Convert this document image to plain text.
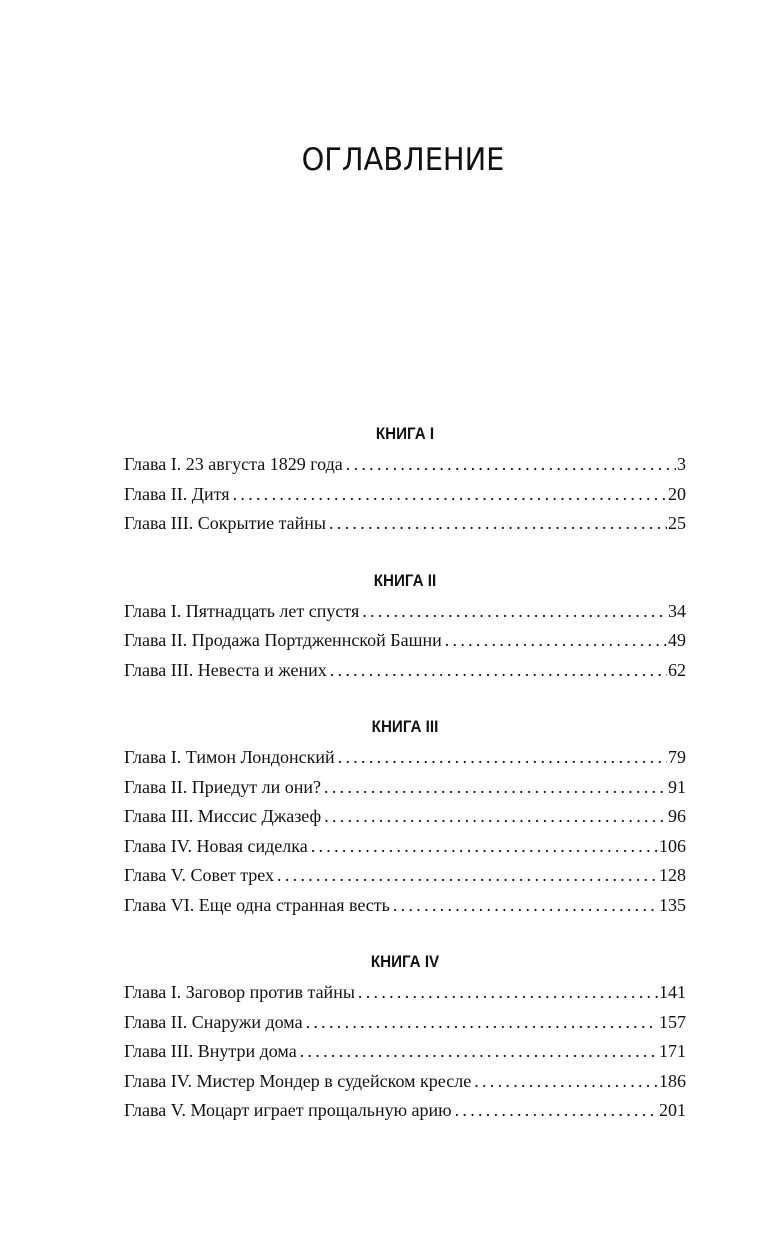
ОГЛАВЛЕНИЕ
КНИГА I
Глава I. 23 августа 1829 года . . .	3
Глава II. Дитя . . .	20
Глава III. Сокрытие тайны . . .	25
КНИГА II
Глава I. Пятнадцать лет спустя . . .	34
Глава II. Продажа Портдженнской Башни . . .	49
Глава III. Невеста и жених . . .	62
КНИГА III
Глава I. Тимон Лондонский . . .	79
Глава II. Приедут ли они? . . .	91
Глава III. Миссис Джазеф . . .	96
Глава IV. Новая сиделка . . .	106
Глава V. Совет трех . . .	128
Глава VI. Еще одна странная весть . . .	135
КНИГА IV
Глава I. Заговор против тайны . . .	141
Глава II. Снаружи дома . . .	157
Глава III. Внутри дома . . .	171
Глава IV. Мистер Мондер в судейском кресле . . .	186
Глава V. Моцарт играет прощальную арию . . .	201
